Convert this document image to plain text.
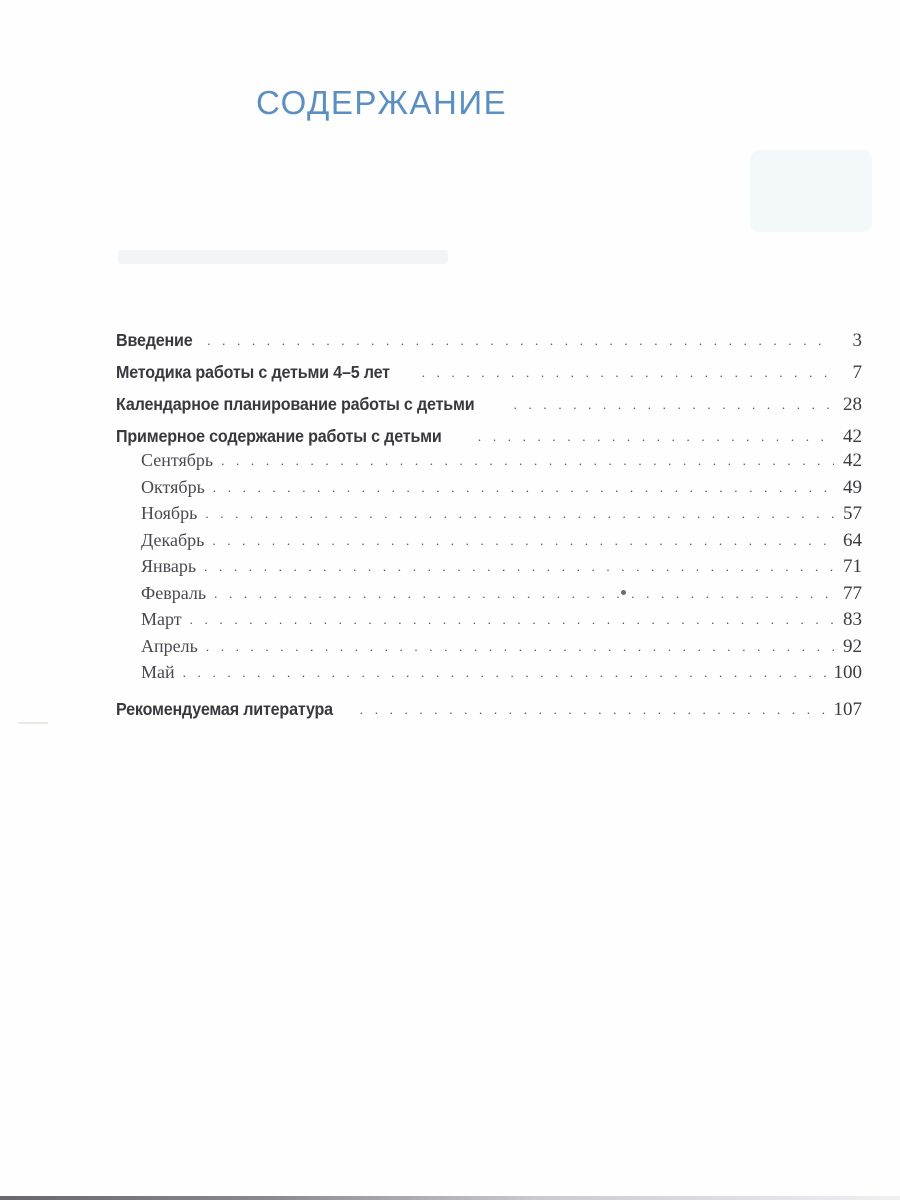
СОДЕРЖАНИЕ
Введение . . .	3
Методика работы с детьми 4–5 лет . . .	7
Календарное планирование работы с детьми . . .	28
Примерное содержание работы с детьми . . .	42
Сентябрь . . .	42
Октябрь . . .	49
Ноябрь . . .	57
Декабрь . . .	64
Январь . . .	71
Февраль . . .	77
Март . . .	83
Апрель . . .	92
Май . . .	100
Рекомендуемая литература . . .	107
